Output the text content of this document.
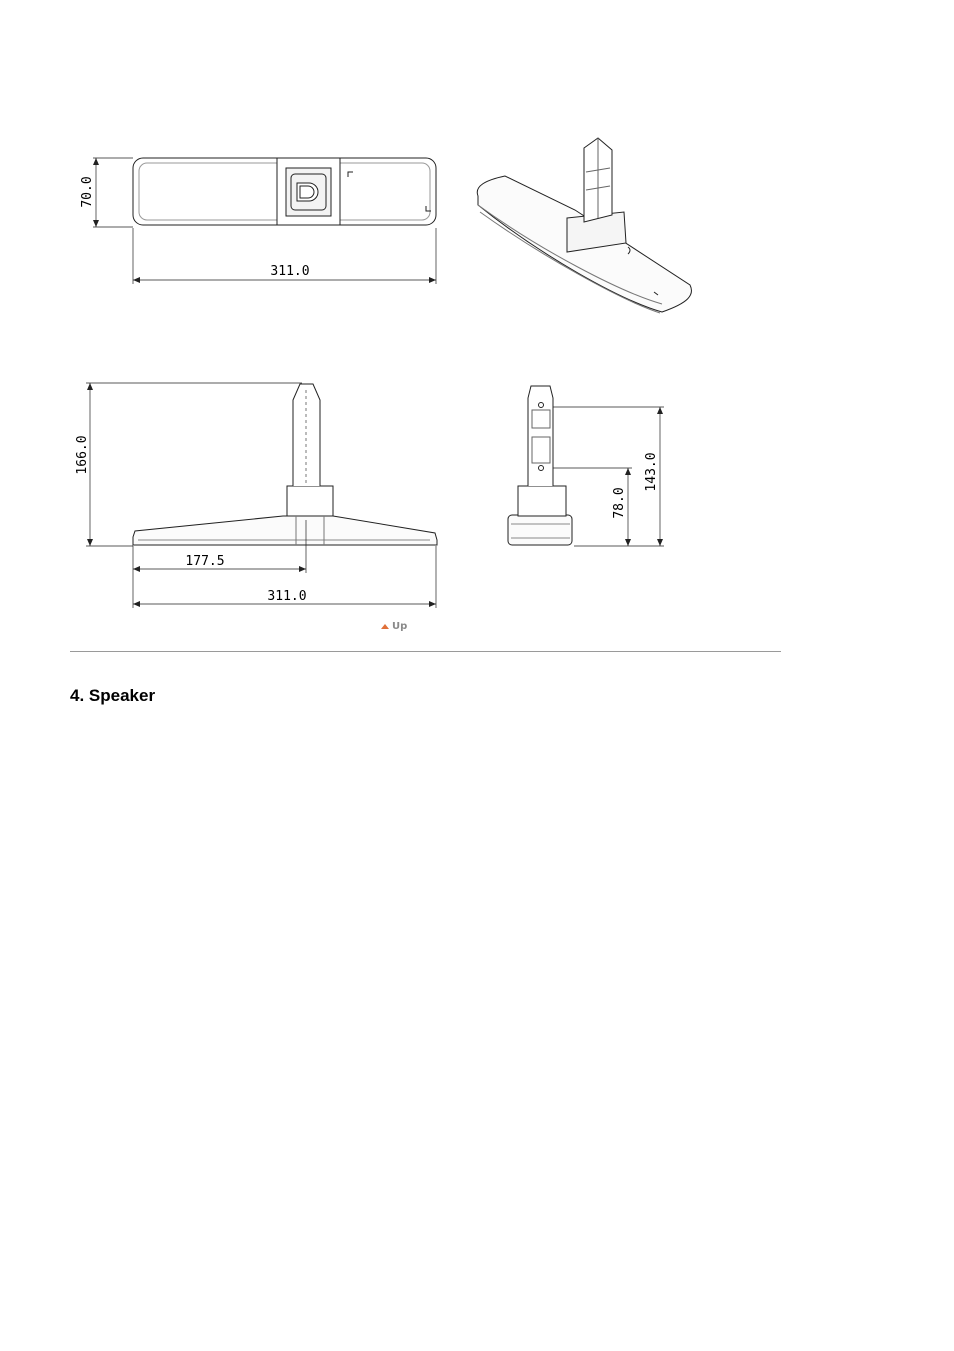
70.0
311.0
166.0
177.5
311.0
143.0
78.0
Up
4. Speaker
